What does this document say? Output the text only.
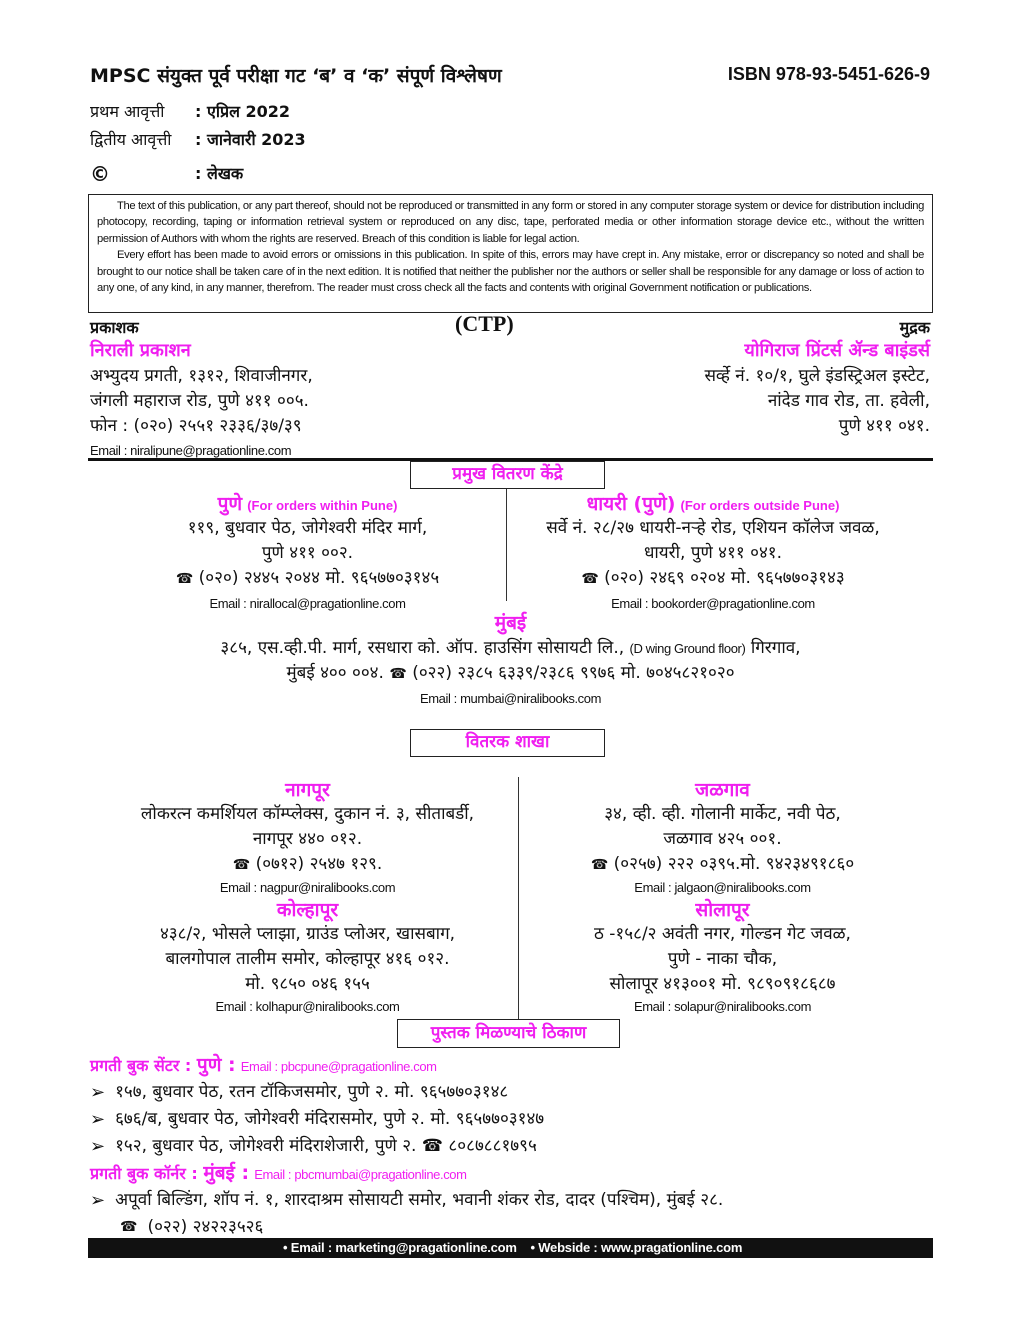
MPSC संयुक्त पूर्व परीक्षा गट ‘ब’ व ‘क’ संपूर्ण विश्लेषण	ISBN 978-93-5451-626-9
प्रथम आवृत्ती	: एप्रिल 2022
द्वितीय आवृत्ती	: जानेवारी 2023
©	: लेखक

The text of this publication, or any part thereof, should not be reproduced or transmitted in any form or stored in any computer storage system or device for distribution including photocopy, recording, taping or information retrieval system or reproduced on any disc, tape, perforated media or other information storage device etc., without the written permission of Authors with whom the rights are reserved. Breach of this condition is liable for legal action.

Every effort has been made to avoid errors or omissions in this publication. In spite of this, errors may have crept in. Any mistake, error or discrepancy so noted and shall be brought to our notice shall be taken care of in the next edition. It is notified that neither the publisher nor the authors or seller shall be responsible for any damage or loss of action to any one, of any kind, in any manner, therefrom. The reader must cross check all the facts and contents with original Government notification or publications.

प्रकाशक	(CTP)	मुद्रक
निराली प्रकाशन
अभ्युदय प्रगती, १३१२, शिवाजीनगर,
जंगली महाराज रोड, पुणे ४११ ००५.
फोन : (०२०) २५५१ २३३६/३७/३९
Email : niralipune@pragationline.com
योगिराज प्रिंटर्स ॲन्ड बाइंडर्स
सर्व्हे नं. १०/१, घुले इंडस्ट्रिअल इस्टेट,
नांदेड गाव रोड, ता. हवेली,
पुणे ४११ ०४१.
प्रमुख वितरण केंद्रे
पुणे (For orders within Pune)
११९, बुधवार पेठ, जोगेश्वरी मंदिर मार्ग,
पुणे ४११ ००२.
☎ (०२०) २४४५ २०४४ मो. ९६५७७०३१४५
Email : nirallocal@pragationline.com
धायरी (पुणे) (For orders outside Pune)
सर्वे नं. २८/२७ धायरी-नऱ्हे रोड, एशियन कॉलेज जवळ,
धायरी, पुणे ४११ ०४१.
☎ (०२०) २४६९ ०२०४ मो. ९६५७७०३१४३
Email : bookorder@pragationline.com
मुंबई
३८५, एस.व्ही.पी. मार्ग, रसधारा को. ऑप. हाउसिंग सोसायटी लि., (D wing Ground floor) गिरगाव,
मुंबई ४०० ००४. ☎ (०२२) २३८५ ६३३९/२३८६ ९९७६ मो. ७०४५८२१०२०
Email : mumbai@niralibooks.com
वितरक शाखा
नागपूर
लोकरत्न कमर्शियल कॉम्प्लेक्स, दुकान नं. ३, सीताबर्डी,
नागपूर ४४० ०१२.
☎ (०७१२) २५४७ १२९.
Email : nagpur@niralibooks.com
जळगाव
३४, व्ही. व्ही. गोलानी मार्केट, नवी पेठ,
जळगाव ४२५ ००१.
☎ (०२५७) २२२ ०३९५.मो. ९४२३४९१८६०
Email : jalgaon@niralibooks.com
कोल्हापूर
४३८/२, भोसले प्लाझा, ग्राउंड प्लोअर, खासबाग,
बालगोपाल तालीम समोर, कोल्हापूर ४१६ ०१२.
मो. ९८५० ०४६ १५५
Email : kolhapur@niralibooks.com
सोलापूर
ठ -१५८/२ अवंती नगर, गोल्डन गेट जवळ,
पुणे - नाका चौक,
सोलापूर ४१३००१ मो. ९८९०९१८६८७
Email : solapur@niralibooks.com
पुस्तक मिळण्याचे ठिकाण
प्रगती बुक सेंटर : पुणे : Email : pbcpune@pragationline.com
➢ १५७, बुधवार पेठ, रतन टॉकिजसमोर, पुणे २. मो. ९६५७७०३१४८
➢ ६७६/ब, बुधवार पेठ, जोगेश्वरी मंदिरासमोर, पुणे २. मो. ९६५७७०३१४७
➢ १५२, बुधवार पेठ, जोगेश्वरी मंदिराशेजारी, पुणे २. ☎ ८०८७८८१७९५
प्रगती बुक कॉर्नर : मुंबई : Email : pbcmumbai@pragationline.com
➢ अपूर्वा बिल्डिंग, शॉप नं. १, शारदाश्रम सोसायटी समोर, भवानी शंकर रोड, दादर (पश्चिम), मुंबई २८.
☎ (०२२) २४२२३५२६
• Email : marketing@pragationline.com • Webside : www.pragationline.com
